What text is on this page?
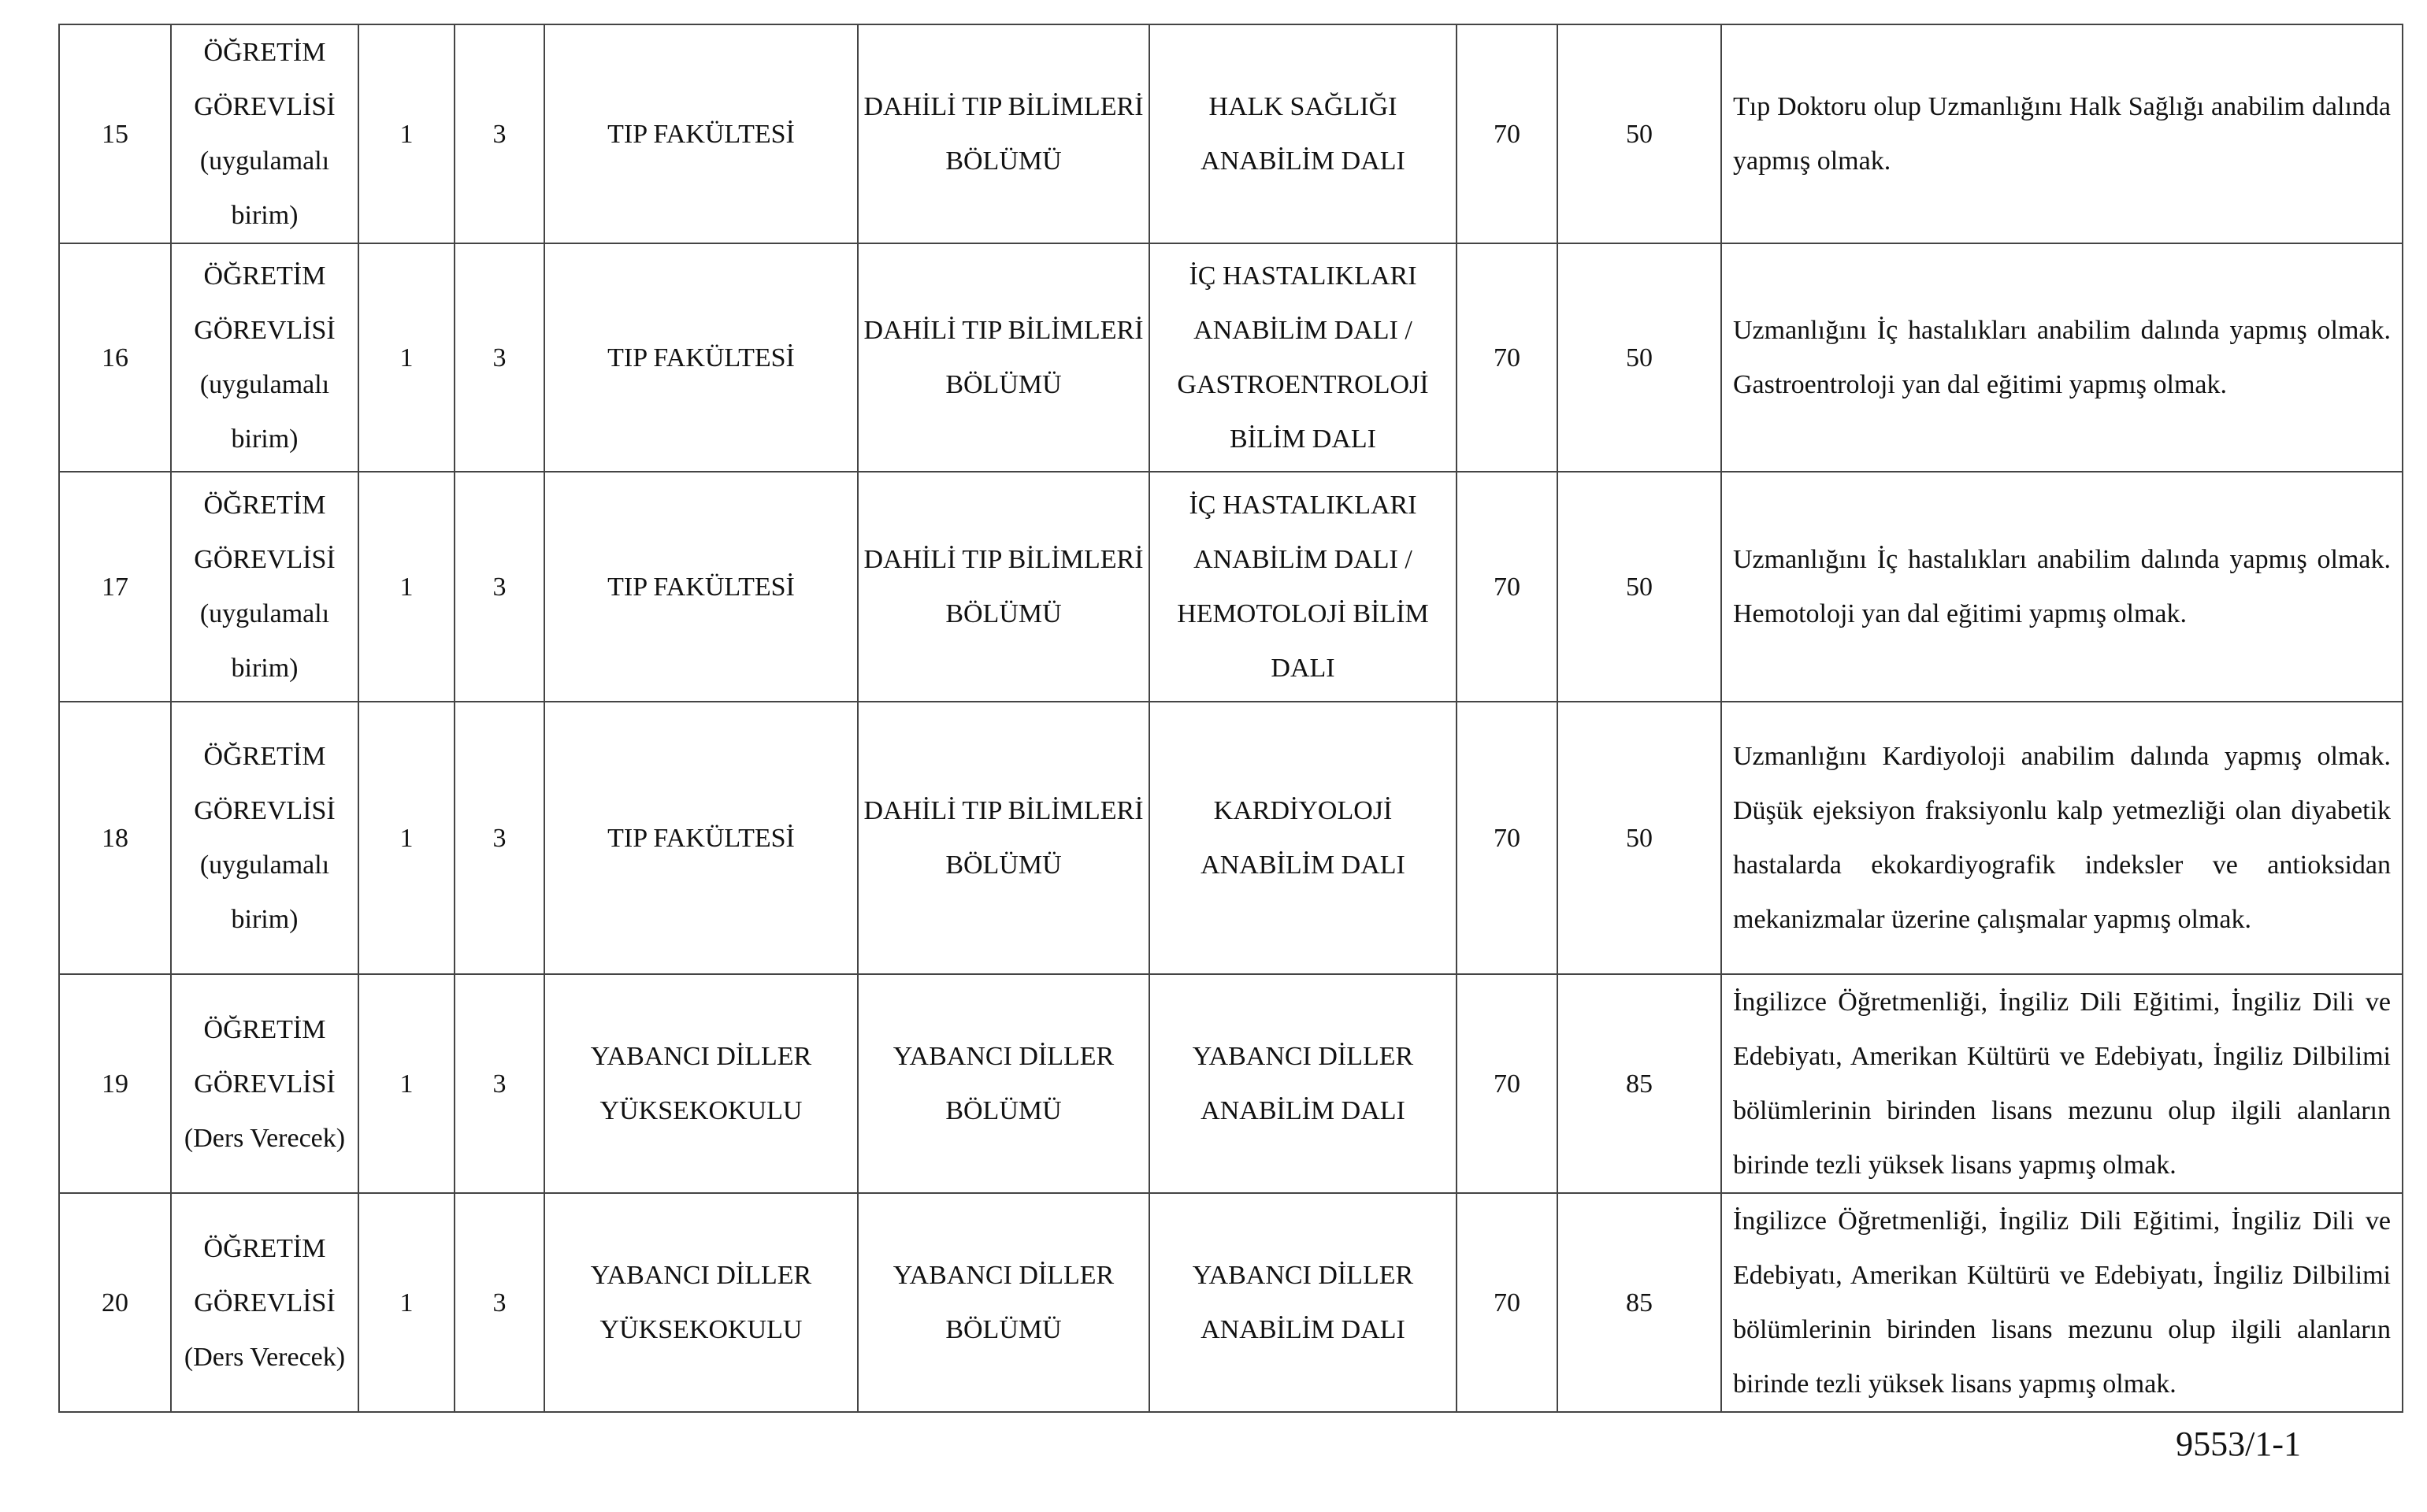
15	ÖĞRETİM GÖREVLİSİ (uygulamalı birim)	1	3	TIP FAKÜLTESİ	DAHİLİ TIP BİLİMLERİ BÖLÜMÜ	HALK SAĞLIĞI ANABİLİM DALI	70	50	Tıp Doktoru olup Uzmanlığını Halk Sağlığı anabilim dalında yapmış olmak.
16	ÖĞRETİM GÖREVLİSİ (uygulamalı birim)	1	3	TIP FAKÜLTESİ	DAHİLİ TIP BİLİMLERİ BÖLÜMÜ	İÇ HASTALIKLARI ANABİLİM DALI / GASTROENTROLOJİ BİLİM DALI	70	50	Uzmanlığını İç hastalıkları anabilim dalında yapmış olmak. Gastroentroloji yan dal eğitimi yapmış olmak.
17	ÖĞRETİM GÖREVLİSİ (uygulamalı birim)	1	3	TIP FAKÜLTESİ	DAHİLİ TIP BİLİMLERİ BÖLÜMÜ	İÇ HASTALIKLARI ANABİLİM DALI / HEMOTOLOJİ BİLİM DALI	70	50	Uzmanlığını İç hastalıkları anabilim dalında yapmış olmak. Hemotoloji yan dal eğitimi yapmış olmak.
18	ÖĞRETİM GÖREVLİSİ (uygulamalı birim)	1	3	TIP FAKÜLTESİ	DAHİLİ TIP BİLİMLERİ BÖLÜMÜ	KARDİYOLOJİ ANABİLİM DALI	70	50	Uzmanlığını Kardiyoloji anabilim dalında yapmış olmak. Düşük ejeksiyon fraksiyonlu kalp yetmezliği olan diyabetik hastalarda ekokardiyografik indeksler ve antioksidan mekanizmalar üzerine çalışmalar yapmış olmak.
19	ÖĞRETİM GÖREVLİSİ (Ders Verecek)	1	3	YABANCI DİLLER YÜKSEKOKULU	YABANCI DİLLER BÖLÜMÜ	YABANCI DİLLER ANABİLİM DALI	70	85	İngilizce Öğretmenliği, İngiliz Dili Eğitimi, İngiliz Dili ve Edebiyatı, Amerikan Kültürü ve Edebiyatı, İngiliz Dilbilimi bölümlerinin birinden lisans mezunu olup ilgili alanların birinde tezli yüksek lisans yapmış olmak.
20	ÖĞRETİM GÖREVLİSİ (Ders Verecek)	1	3	YABANCI DİLLER YÜKSEKOKULU	YABANCI DİLLER BÖLÜMÜ	YABANCI DİLLER ANABİLİM DALI	70	85	İngilizce Öğretmenliği, İngiliz Dili Eğitimi, İngiliz Dili ve Edebiyatı, Amerikan Kültürü ve Edebiyatı, İngiliz Dilbilimi bölümlerinin birinden lisans mezunu olup ilgili alanların birinde tezli yüksek lisans yapmış olmak.
9553/1-1
